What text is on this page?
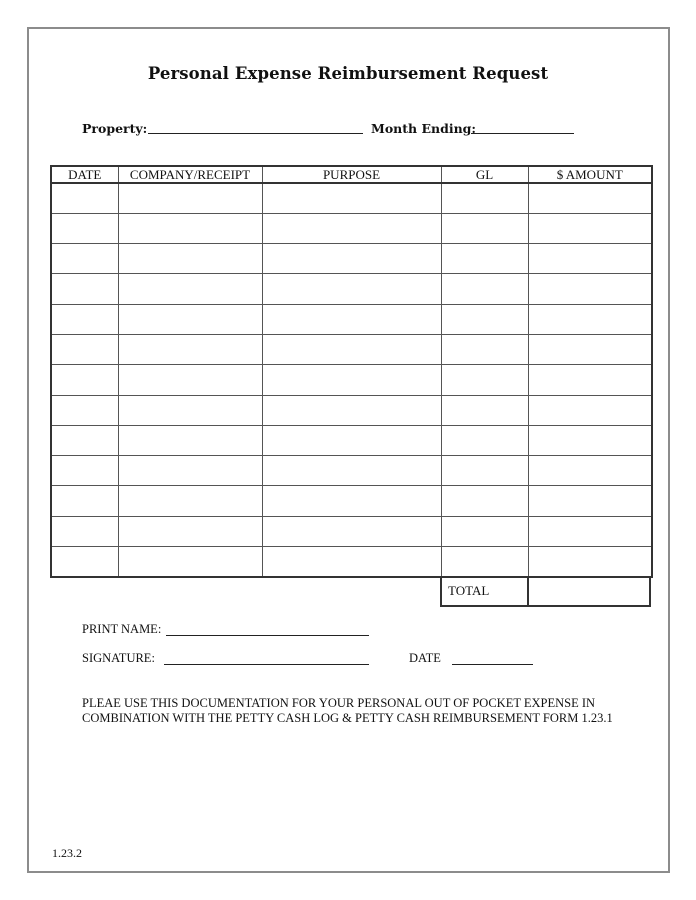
Personal Expense Reimbursement Request
Property:	Month Ending:
DATE	COMPANY/RECEIPT	PURPOSE	GL	$ AMOUNT

TOTAL
PRINT NAME:
SIGNATURE:	DATE
PLEAE USE THIS DOCUMENTATION FOR YOUR PERSONAL OUT OF POCKET EXPENSE IN COMBINATION WITH THE PETTY CASH LOG & PETTY CASH REIMBURSEMENT FORM 1.23.1
1.23.2
